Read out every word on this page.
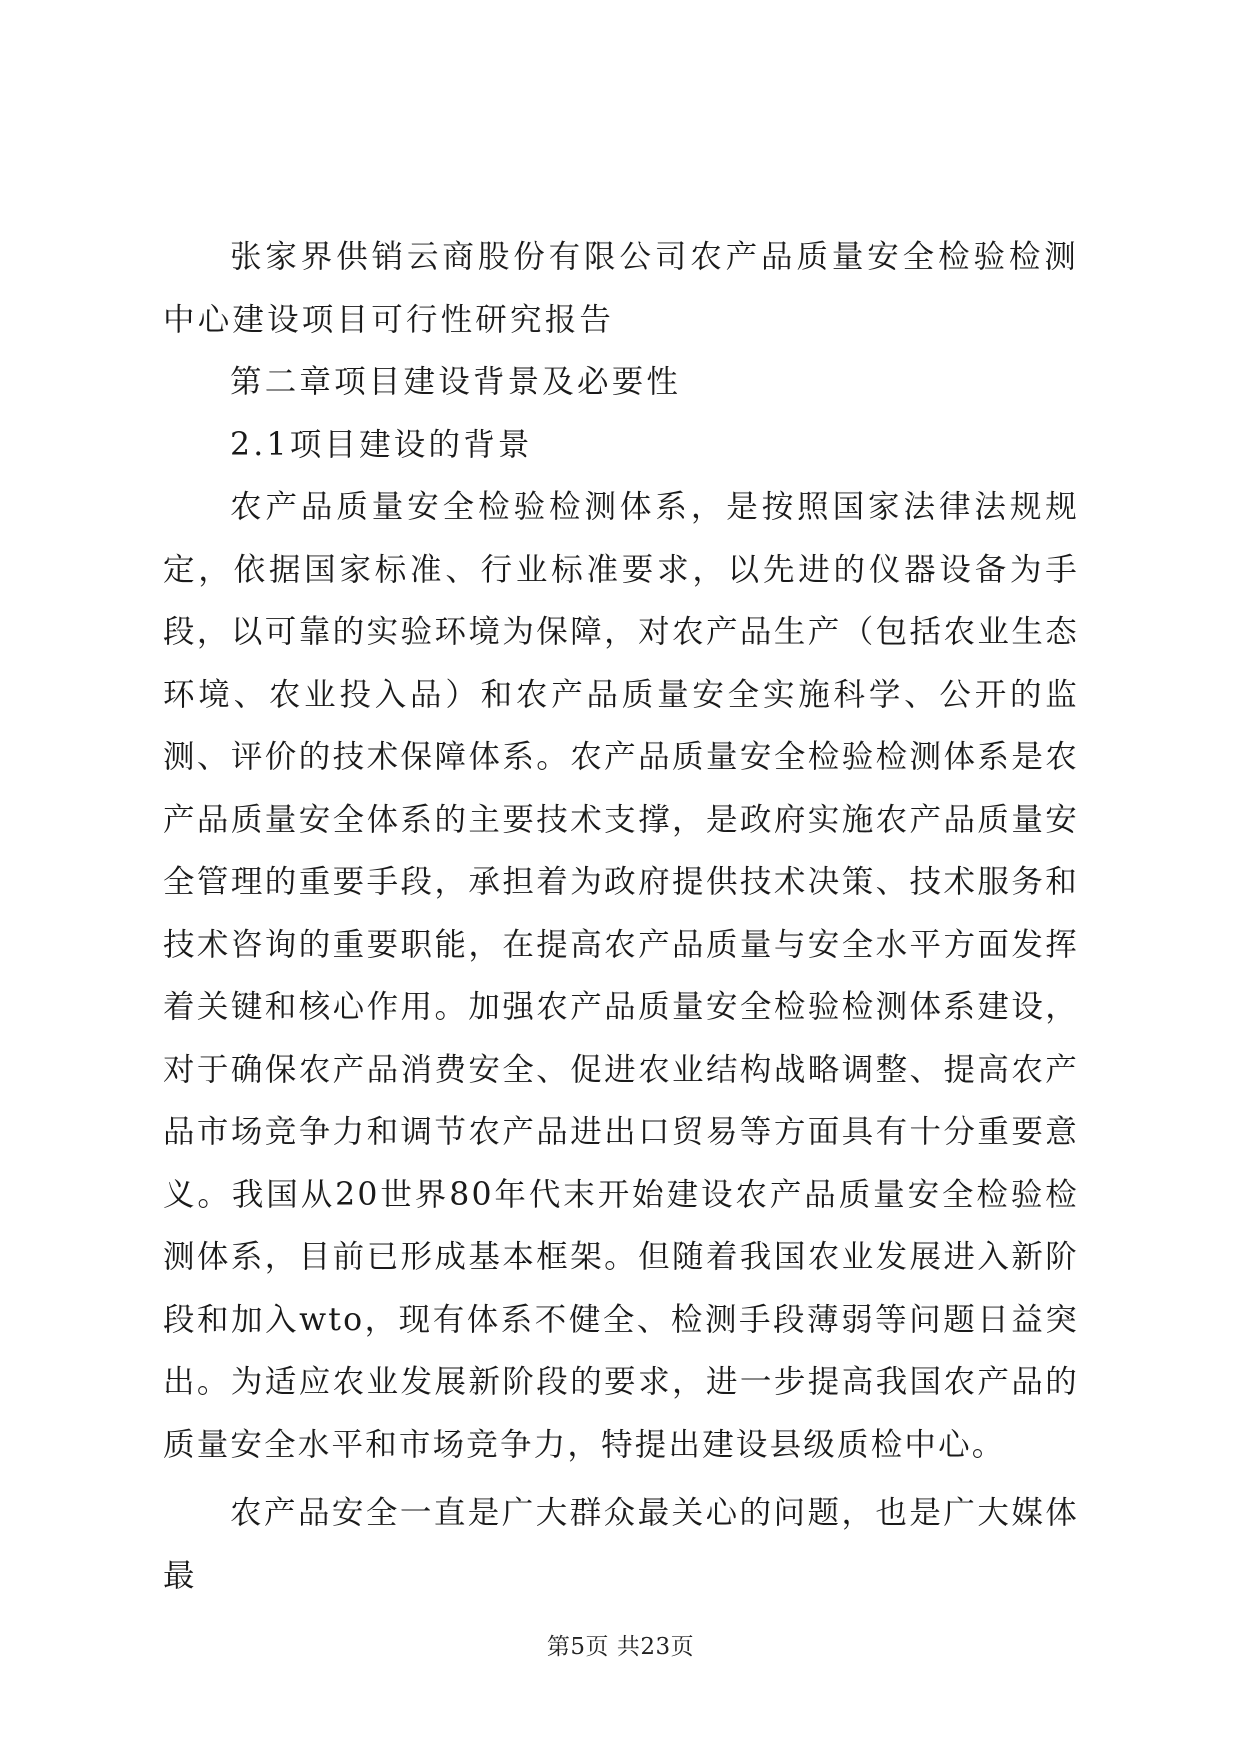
张家界供销云商股份有限公司农产品质量安全检验检测中心建设项目可行性研究报告

第二章项目建设背景及必要性

2.1项目建设的背景

农产品质量安全检验检测体系，是按照国家法律法规规定，依据国家标准、行业标准要求，以先进的仪器设备为手段，以可靠的实验环境为保障，对农产品生产（包括农业生态环境、农业投入品）和农产品质量安全实施科学、公开的监测、评价的技术保障体系。农产品质量安全检验检测体系是农产品质量安全体系的主要技术支撑，是政府实施农产品质量安全管理的重要手段，承担着为政府提供技术决策、技术服务和技术咨询的重要职能，在提高农产品质量与安全水平方面发挥着关键和核心作用。加强农产品质量安全检验检测体系建设，对于确保农产品消费安全、促进农业结构战略调整、提高农产品市场竞争力和调节农产品进出口贸易等方面具有十分重要意义。我国从20世界80年代末开始建设农产品质量安全检验检测体系，目前已形成基本框架。但随着我国农业发展进入新阶段和加入wto，现有体系不健全、检测手段薄弱等问题日益突出。为适应农业发展新阶段的要求，进一步提高我国农产品的质量安全水平和市场竞争力，特提出建设县级质检中心。

农产品安全一直是广大群众最关心的问题，也是广大媒体最

第5页 共23页
